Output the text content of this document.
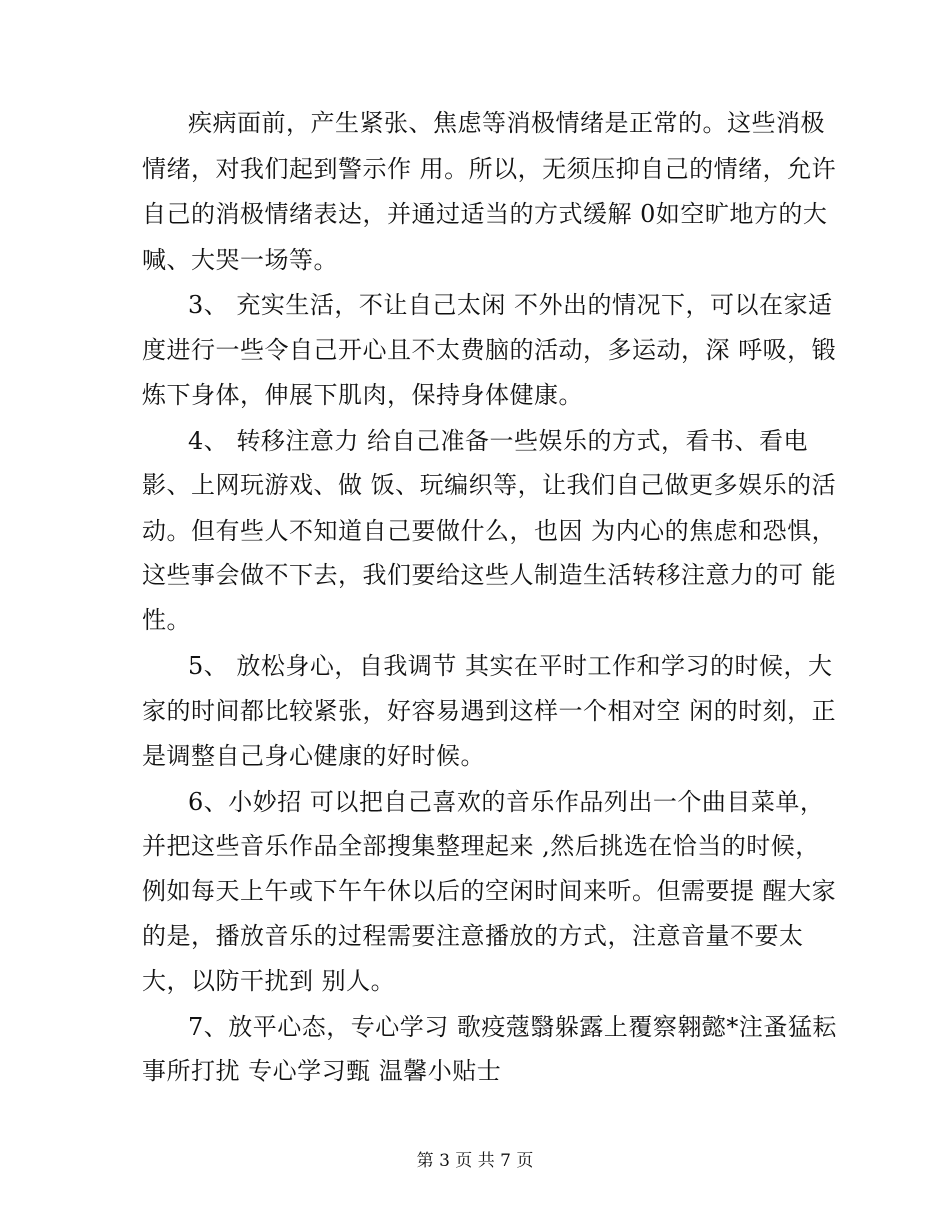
疾病面前，产生紧张、焦虑等消极情绪是正常的。这些消极
情绪，对我们起到警示作 用。所以，无须压抑自己的情绪，允许
自己的消极情绪表达，并通过适当的方式缓解 0如空旷地方的大
喊、大哭一场等。
3、 充实生活，不让自己太闲 不外出的情况下，可以在家适
度进行一些令自己开心且不太费脑的活动，多运动，深 呼吸，锻
炼下身体，伸展下肌肉，保持身体健康。
4、 转移注意力 给自己准备一些娱乐的方式，看书、看电
影、上网玩游戏、做 饭、玩编织等，让我们自己做更多娱乐的活
动。但有些人不知道自己要做什么，也因 为内心的焦虑和恐惧，
这些事会做不下去，我们要给这些人制造生活转移注意力的可 能
性。
5、 放松身心，自我调节 其实在平时工作和学习的时候，大
家的时间都比较紧张，好容易遇到这样一个相对空 闲的时刻，正
是调整自己身心健康的好时候。
6、小妙招 可以把自己喜欢的音乐作品列出一个曲目菜单，
并把这些音乐作品全部搜集整理起来 ,然后挑选在恰当的时候，
例如每天上午或下午午休以后的空闲时间来听。但需要提 醒大家
的是，播放音乐的过程需要注意播放的方式，注意音量不要太
大，以防干扰到 别人。
7、放平心态，专心学习 歌疫蔻翳躲露上覆察翱懿*注蚤猛耘
事所打扰 专心学习甄 温馨小贴士
第 3 页 共 7 页
